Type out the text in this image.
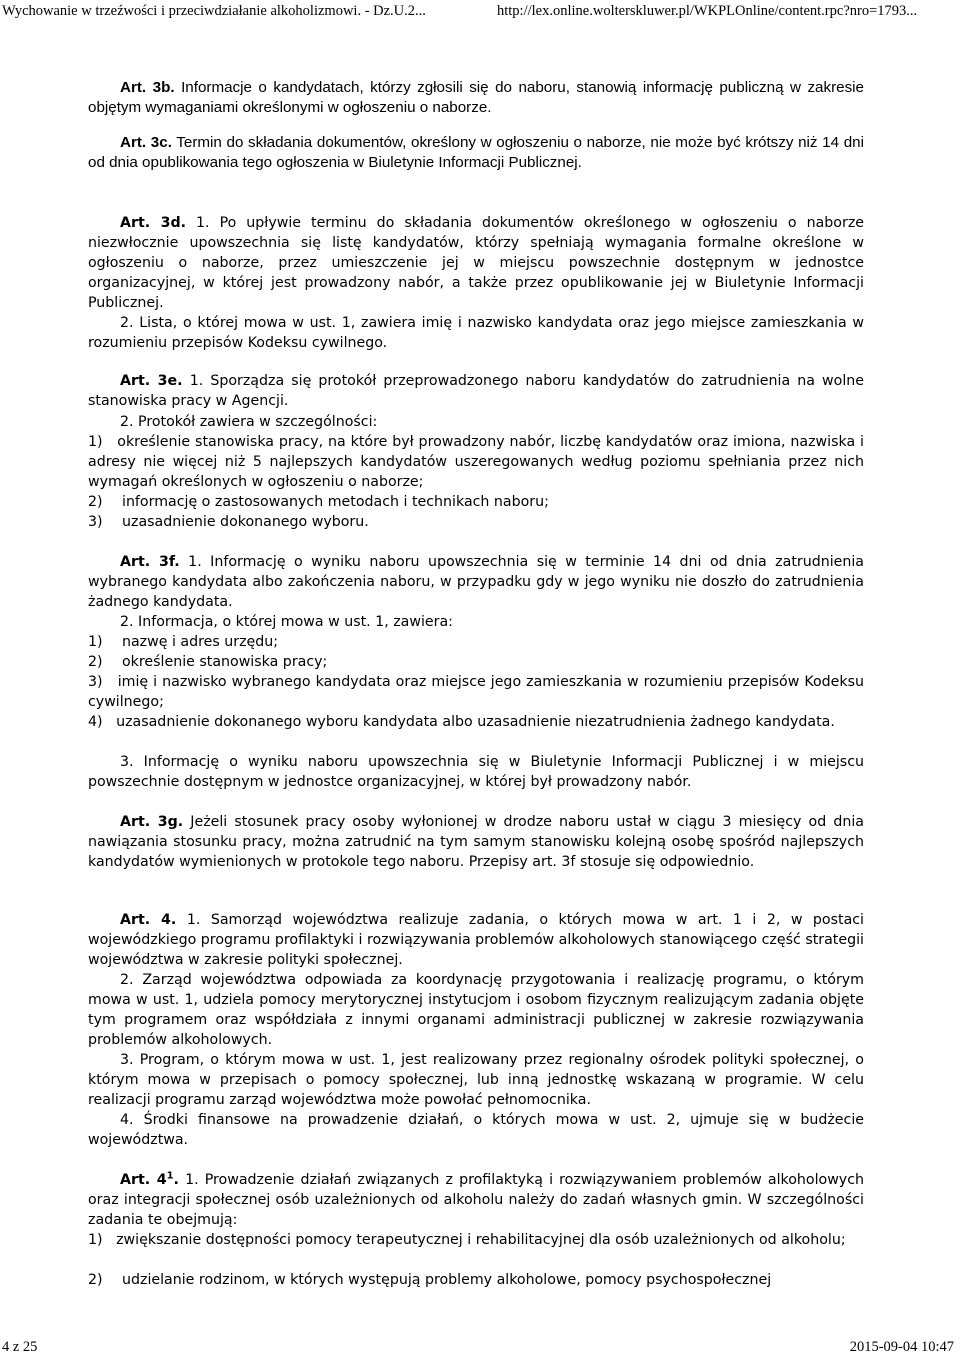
Wychowanie w trzeźwości i przeciwdziałanie alkoholizmowi. - Dz.U.2...	http://lex.online.wolterskluwer.pl/WKPLOnline/content.rpc?nro=1793...
Art. 3b. Informacje o kandydatach, którzy zgłosili się do naboru, stanowią informację publiczną w zakresie objętym wymaganiami określonymi w ogłoszeniu o naborze.
Art. 3c. Termin do składania dokumentów, określony w ogłoszeniu o naborze, nie może być krótszy niż 14 dni od dnia opublikowania tego ogłoszenia w Biuletynie Informacji Publicznej.
Art. 3d. 1. Po upływie terminu do składania dokumentów określonego w ogłoszeniu o naborze niezwłocznie upowszechnia się listę kandydatów, którzy spełniają wymagania formalne określone w ogłoszeniu o naborze, przez umieszczenie jej w miejscu powszechnie dostępnym w jednostce organizacyjnej, w której jest prowadzony nabór, a także przez opublikowanie jej w Biuletynie Informacji Publicznej.
2. Lista, o której mowa w ust. 1, zawiera imię i nazwisko kandydata oraz jego miejsce zamieszkania w rozumieniu przepisów Kodeksu cywilnego.
Art. 3e. 1. Sporządza się protokół przeprowadzonego naboru kandydatów do zatrudnienia na wolne stanowiska pracy w Agencji.
2. Protokół zawiera w szczególności:
1) określenie stanowiska pracy, na które był prowadzony nabór, liczbę kandydatów oraz imiona, nazwiska i adresy nie więcej niż 5 najlepszych kandydatów uszeregowanych według poziomu spełniania przez nich wymagań określonych w ogłoszeniu o naborze;
2)	informację o zastosowanych metodach i technikach naboru;
3)	uzasadnienie dokonanego wyboru.
Art. 3f. 1. Informację o wyniku naboru upowszechnia się w terminie 14 dni od dnia zatrudnienia wybranego kandydata albo zakończenia naboru, w przypadku gdy w jego wyniku nie doszło do zatrudnienia żadnego kandydata.
2. Informacja, o której mowa w ust. 1, zawiera:
1)	nazwę i adres urzędu;
2)	określenie stanowiska pracy;
3) imię i nazwisko wybranego kandydata oraz miejsce jego zamieszkania w rozumieniu przepisów Kodeksu cywilnego;
4) uzasadnienie dokonanego wyboru kandydata albo uzasadnienie niezatrudnienia żadnego kandydata.
3. Informację o wyniku naboru upowszechnia się w Biuletynie Informacji Publicznej i w miejscu powszechnie dostępnym w jednostce organizacyjnej, w której był prowadzony nabór.
Art. 3g. Jeżeli stosunek pracy osoby wyłonionej w drodze naboru ustał w ciągu 3 miesięcy od dnia nawiązania stosunku pracy, można zatrudnić na tym samym stanowisku kolejną osobę spośród najlepszych kandydatów wymienionych w protokole tego naboru. Przepisy art. 3f stosuje się odpowiednio.
Art. 4. 1. Samorząd województwa realizuje zadania, o których mowa w art. 1 i 2, w postaci wojewódzkiego programu profilaktyki i rozwiązywania problemów alkoholowych stanowiącego część strategii województwa w zakresie polityki społecznej.
2. Zarząd województwa odpowiada za koordynację przygotowania i realizację programu, o którym mowa w ust. 1, udziela pomocy merytorycznej instytucjom i osobom fizycznym realizującym zadania objęte tym programem oraz współdziała z innymi organami administracji publicznej w zakresie rozwiązywania problemów alkoholowych.
3. Program, o którym mowa w ust. 1, jest realizowany przez regionalny ośrodek polityki społecznej, o którym mowa w przepisach o pomocy społecznej, lub inną jednostkę wskazaną w programie. W celu realizacji programu zarząd województwa może powołać pełnomocnika.
4. Środki finansowe na prowadzenie działań, o których mowa w ust. 2, ujmuje się w budżecie województwa.
Art. $4^1$. 1. Prowadzenie działań związanych z profilaktyką i rozwiązywaniem problemów alkoholowych oraz integracji społecznej osób uzależnionych od alkoholu należy do zadań własnych gmin. W szczególności zadania te obejmują:
1) zwiększanie dostępności pomocy terapeutycznej i rehabilitacyjnej dla osób uzależnionych od alkoholu;
2)	udzielanie rodzinom, w których występują problemy alkoholowe, pomocy psychospołecznej
4 z 25	2015-09-04 10:47
